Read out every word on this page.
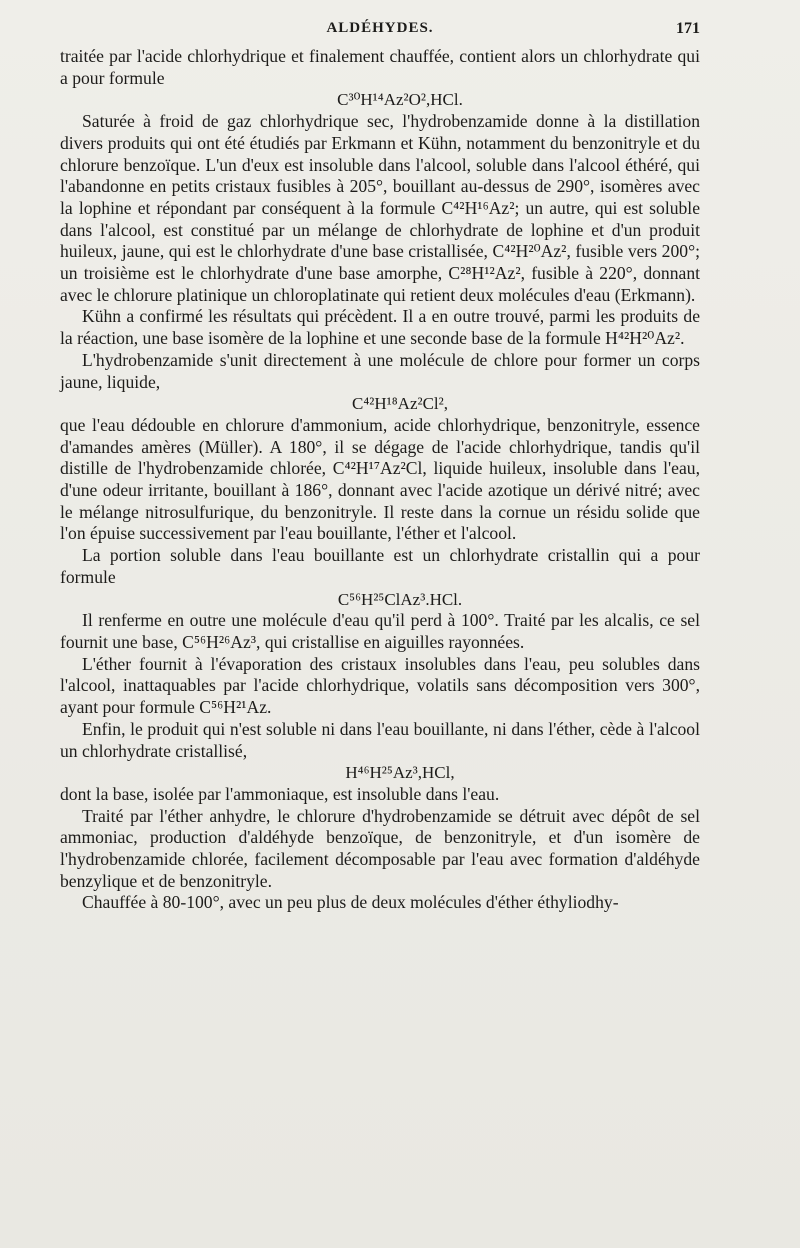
ALDÉHYDES.	171

traitée par l'acide chlorhydrique et finalement chauffée, contient alors un chlorhydrate qui a pour formule

C³⁰H¹⁴Az²O²,HCl.

Saturée à froid de gaz chlorhydrique sec, l'hydrobenzamide donne à la distillation divers produits qui ont été étudiés par Erkmann et Kühn, notamment du benzonitryle et du chlorure benzoïque. L'un d'eux est insoluble dans l'alcool, soluble dans l'alcool éthéré, qui l'abandonne en petits cristaux fusibles à 205°, bouillant au-dessus de 290°, isomères avec la lophine et répondant par conséquent à la formule C⁴²H¹⁶Az²; un autre, qui est soluble dans l'alcool, est constitué par un mélange de chlorhydrate de lophine et d'un produit huileux, jaune, qui est le chlorhydrate d'une base cristallisée, C⁴²H²⁰Az², fusible vers 200°; un troisième est le chlorhydrate d'une base amorphe, C²⁸H¹²Az², fusible à 220°, donnant avec le chlorure platinique un chloroplatinate qui retient deux molécules d'eau (Erkmann).

Kühn a confirmé les résultats qui précèdent. Il a en outre trouvé, parmi les produits de la réaction, une base isomère de la lophine et une seconde base de la formule H⁴²H²⁰Az².

L'hydrobenzamide s'unit directement à une molécule de chlore pour former un corps jaune, liquide,

C⁴²H¹⁸Az²Cl²,

que l'eau dédouble en chlorure d'ammonium, acide chlorhydrique, benzonitryle, essence d'amandes amères (Müller). A 180°, il se dégage de l'acide chlorhydrique, tandis qu'il distille de l'hydrobenzamide chlorée, C⁴²H¹⁷Az²Cl, liquide huileux, insoluble dans l'eau, d'une odeur irritante, bouillant à 186°, donnant avec l'acide azotique un dérivé nitré; avec le mélange nitrosulfurique, du benzonitryle. Il reste dans la cornue un résidu solide que l'on épuise successivement par l'eau bouillante, l'éther et l'alcool.

La portion soluble dans l'eau bouillante est un chlorhydrate cristallin qui a pour formule

C⁵⁶H²⁵ClAz³.HCl.

Il renferme en outre une molécule d'eau qu'il perd à 100°. Traité par les alcalis, ce sel fournit une base, C⁵⁶H²⁶Az³, qui cristallise en aiguilles rayonnées.

L'éther fournit à l'évaporation des cristaux insolubles dans l'eau, peu solubles dans l'alcool, inattaquables par l'acide chlorhydrique, volatils sans décomposition vers 300°, ayant pour formule C⁵⁶H²¹Az.

Enfin, le produit qui n'est soluble ni dans l'eau bouillante, ni dans l'éther, cède à l'alcool un chlorhydrate cristallisé,

H⁴⁶H²⁵Az³,HCl,

dont la base, isolée par l'ammoniaque, est insoluble dans l'eau.

Traité par l'éther anhydre, le chlorure d'hydrobenzamide se détruit avec dépôt de sel ammoniac, production d'aldéhyde benzoïque, de benzonitryle, et d'un isomère de l'hydrobenzamide chlorée, facilement décomposable par l'eau avec formation d'aldéhyde benzylique et de benzonitryle.

Chauffée à 80-100°, avec un peu plus de deux molécules d'éther éthyliodhy-
